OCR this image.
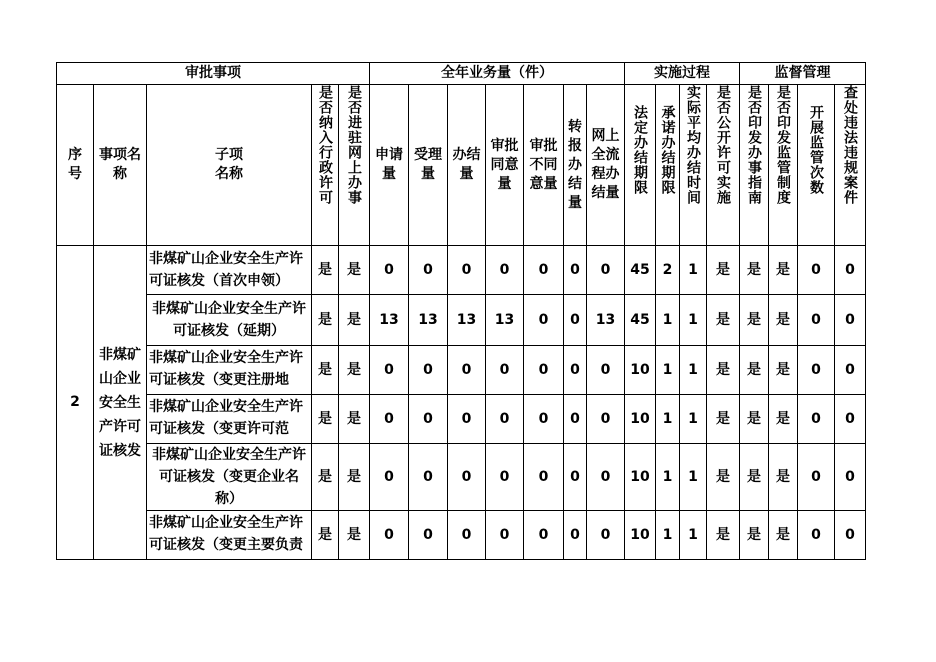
审批事项					全年业务量（件）							实施过程				监督管理			

序号	事项名称	子项名称	是否纳入行政许可	是否进驻网上办事	申请量	受理量	办结量	审批同意量	审批不同意量	转报办结量	网上全流程办结量	法定办结期限	承诺办结期限	实际平均办结时间	是否公开许可实施	是否印发办事指南	是否印发监管制度	开展监管次数	查处违法违规案件
2	非煤矿山企业安全生产许可证核发	非煤矿山企业安全生产许可证核发（首次申领）	是	是	0	0	0	0	0	0	0	45	2	1	是	是	是	0	0

		非煤矿山企业安全生产许可证核发（延期）	是	是	13	13	13	13	0	0	13	45	1	1	是	是	是	0	0

		非煤矿山企业安全生产许可证核发（变更注册地	是	是	0	0	0	0	0	0	0	10	1	1	是	是	是	0	0

		非煤矿山企业安全生产许可证核发（变更许可范	是	是	0	0	0	0	0	0	0	10	1	1	是	是	是	0	0

		非煤矿山企业安全生产许可证核发（变更企业名称）	是	是	0	0	0	0	0	0	0	10	1	1	是	是	是	0	0

		非煤矿山企业安全生产许可证核发（变更主要负责	是	是	0	0	0	0	0	0	0	10	1	1	是	是	是	0	0
